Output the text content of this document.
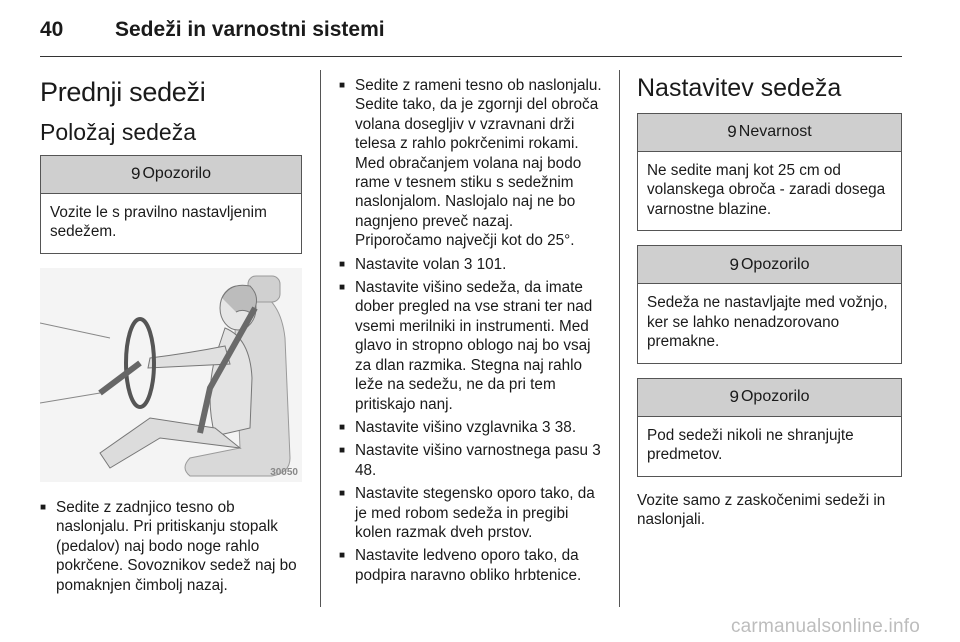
40 Sedeži in varnostni sistemi
Prednji sedeži
Položaj sedeža
9 Opozorilo
Vozite le s pravilno nastavljenim sedežem.
30050
■ Sedite z zadnjico tesno ob naslonjalu. Pri pritiskanju stopalk (pedalov) naj bodo noge rahlo pokrčene. Sovoznikov sedež naj bo pomaknjen čimbolj nazaj.
■ Sedite z rameni tesno ob naslonjalu. Sedite tako, da je zgornji del obroča volana dosegljiv v vzravnani drži telesa z rahlo pokrčenimi rokami. Med obračanjem volana naj bodo rame v tesnem stiku s sedežnim naslonjalom. Naslojalo naj ne bo nagnjeno preveč nazaj. Priporočamo največji kot do 25°.
■ Nastavite volan 3 101.
■ Nastavite višino sedeža, da imate dober pregled na vse strani ter nad vsemi merilniki in instrumenti. Med glavo in stropno oblogo naj bo vsaj za dlan razmika. Stegna naj rahlo leže na sedežu, ne da pri tem pritiskajo nanj.
■ Nastavite višino vzglavnika 3 38.
■ Nastavite višino varnostnega pasu 3 48.
■ Nastavite stegensko oporo tako, da je med robom sedeža in pregibi kolen razmak dveh prstov.
■ Nastavite ledveno oporo tako, da podpira naravno obliko hrbtenice.
Nastavitev sedeža
9 Nevarnost
Ne sedite manj kot 25 cm od volanskega obroča - zaradi dosega varnostne blazine.
9 Opozorilo
Sedeža ne nastavljajte med vožnjo, ker se lahko nenadzorovano premakne.
9 Opozorilo
Pod sedeži nikoli ne shranjujte predmetov.

Vozite samo z zaskočenimi sedeži in naslonjali.

carmanualsonline.info
